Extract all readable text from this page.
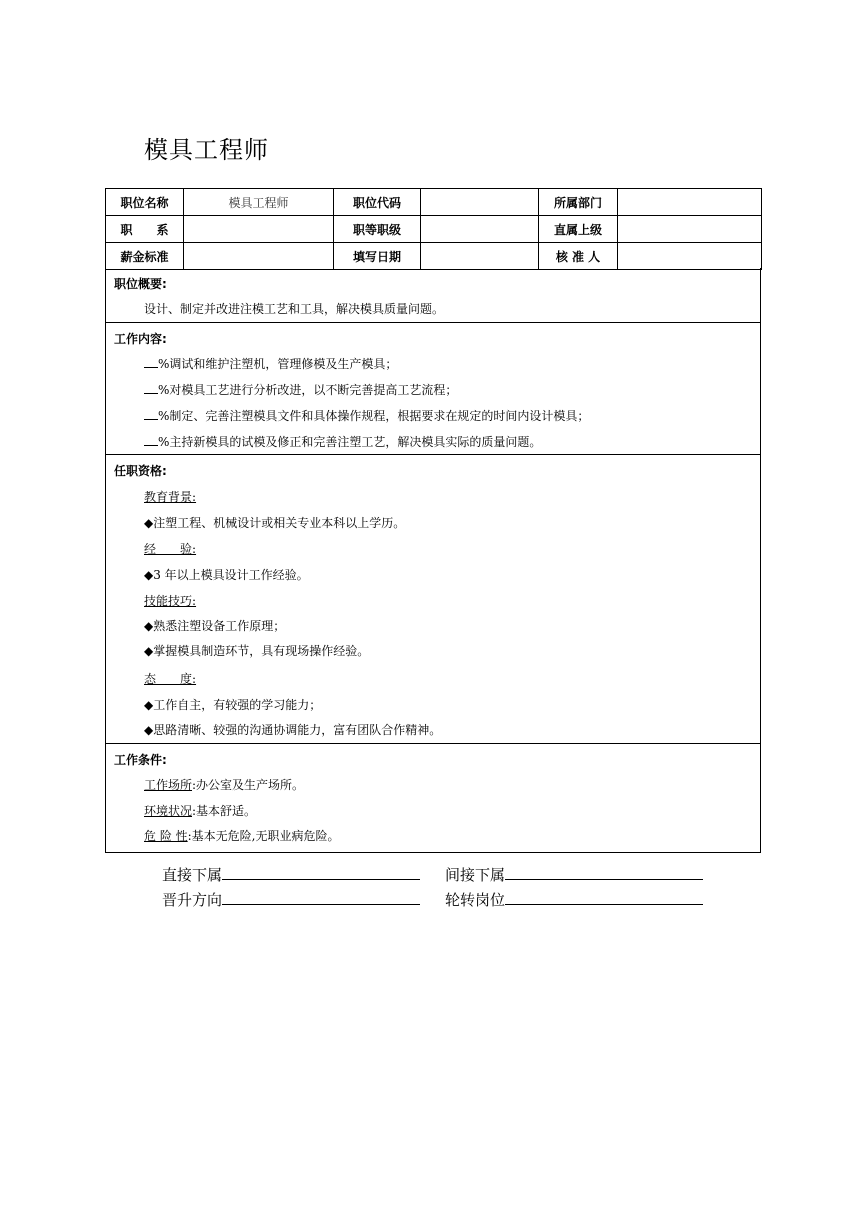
模具工程师
职位名称	模具工程师	职位代码		所属部门	
职　　系		职等职级		直属上级	
薪金标准		填写日期		核 准 人	
职位概要:
设计、制定并改进注模工艺和工具，解决模具质量问题。
工作内容:
%调试和维护注塑机，管理修模及生产模具；
%对模具工艺进行分析改进，以不断完善提高工艺流程；
%制定、完善注塑模具文件和具体操作规程，根据要求在规定的时间内设计模具；
%主持新模具的试模及修正和完善注塑工艺，解决模具实际的质量问题。
任职资格:
教育背景:
◆注塑工程、机械设计或相关专业本科以上学历。
经　　验:
◆3 年以上模具设计工作经验。
技能技巧:
◆熟悉注塑设备工作原理；
◆掌握模具制造环节，具有现场操作经验。
态　　度:
◆工作自主，有较强的学习能力；
◆思路清晰、较强的沟通协调能力，富有团队合作精神。
工作条件:
工作场所:办公室及生产场所。
环境状况:基本舒适。
危 险 性:基本无危险,无职业病危险。
直接下属	间接下属
晋升方向	轮转岗位
